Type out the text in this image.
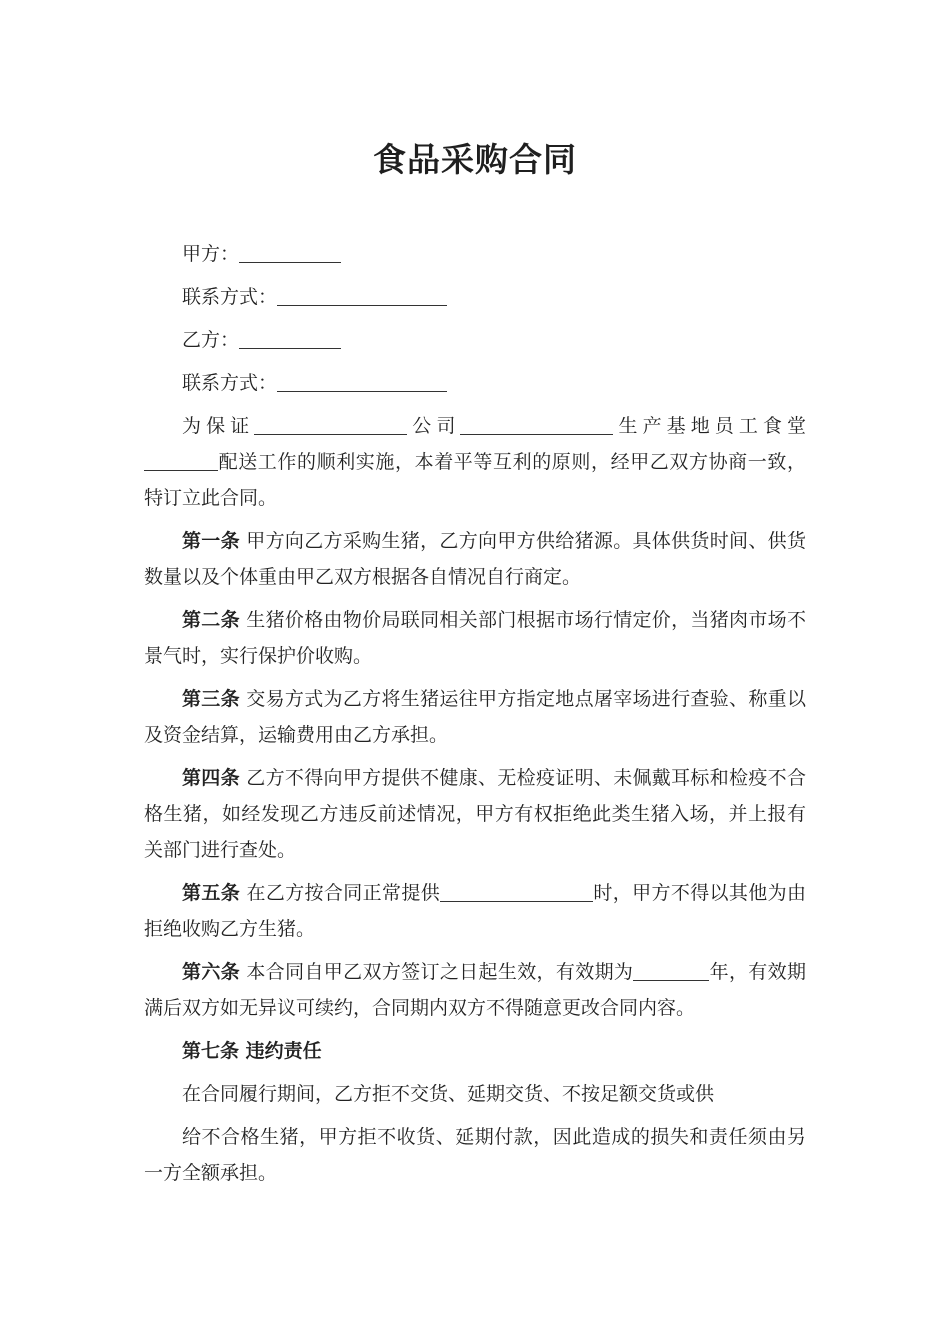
食品采购合同
甲方：
联系方式：
乙方：
联系方式：
为保证	公司	生产基地员工食堂配送工作的顺利实施，本着平等互利的原则，经甲乙双方协商一致，特订立此合同。
第一条 甲方向乙方采购生猪，乙方向甲方供给猪源。具体供货时间、供货数量以及个体重由甲乙双方根据各自情况自行商定。
第二条 生猪价格由物价局联同相关部门根据市场行情定价，当猪肉市场不景气时，实行保护价收购。
第三条 交易方式为乙方将生猪运往甲方指定地点屠宰场进行查验、称重以及资金结算，运输费用由乙方承担。
第四条 乙方不得向甲方提供不健康、无检疫证明、未佩戴耳标和检疫不合格生猪，如经发现乙方违反前述情况，甲方有权拒绝此类生猪入场，并上报有关部门进行查处。
第五条 在乙方按合同正常提供	时，甲方不得以其他为由拒绝收购乙方生猪。
第六条 本合同自甲乙双方签订之日起生效，有效期为	年，有效期满后双方如无异议可续约，合同期内双方不得随意更改合同内容。
第七条 违约责任
在合同履行期间，乙方拒不交货、延期交货、不按足额交货或供
给不合格生猪，甲方拒不收货、延期付款，因此造成的损失和责任须由另一方全额承担。
